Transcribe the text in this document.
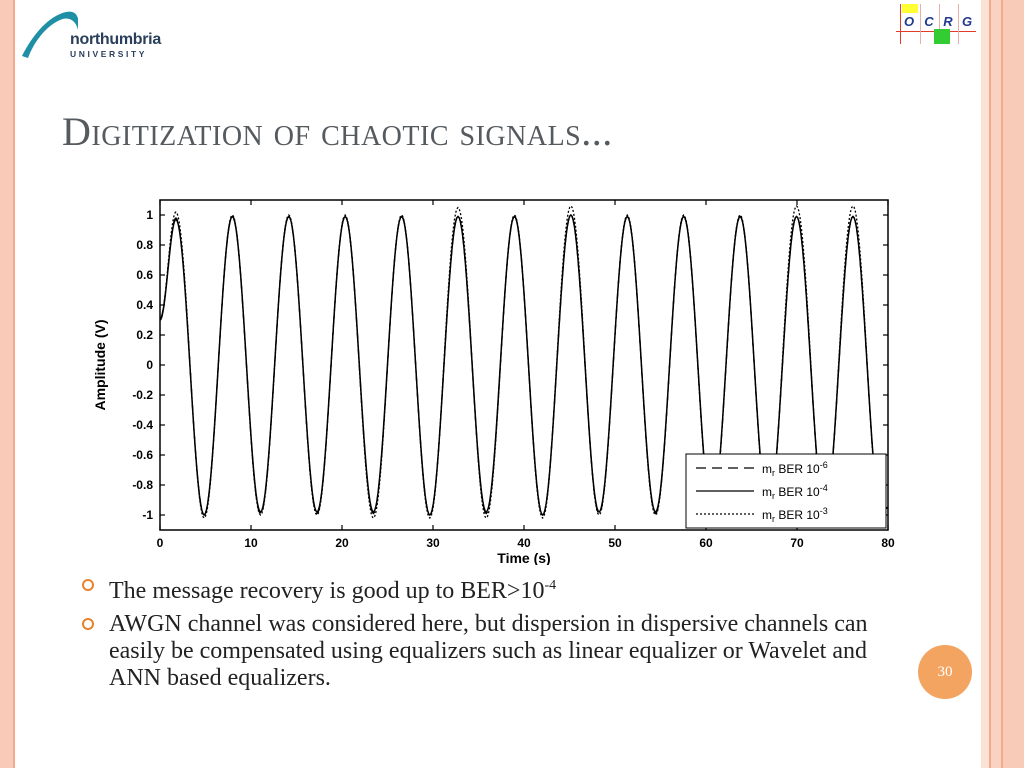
northumbria
UNIVERSITY
O C R G
Digitization of chaotic signals...
0	10	20	30	40	50	60	70	80
1
0.8
0.6
0.4
0.2
0
-0.2
-0.4
-0.6
-0.8
-1
Time (s)
Amplitude (V)
$m_r$ BER $10^{-6}$
$m_r$ BER $10^{-4}$
$m_r$ BER $10^{-3}$
The message recovery is good up to $BER>10^{-4}$
AWGN channel was considered here, but dispersion in dispersive channels can easily be compensated using equalizers such as linear equalizer or Wavelet and ANN based equalizers.	30
